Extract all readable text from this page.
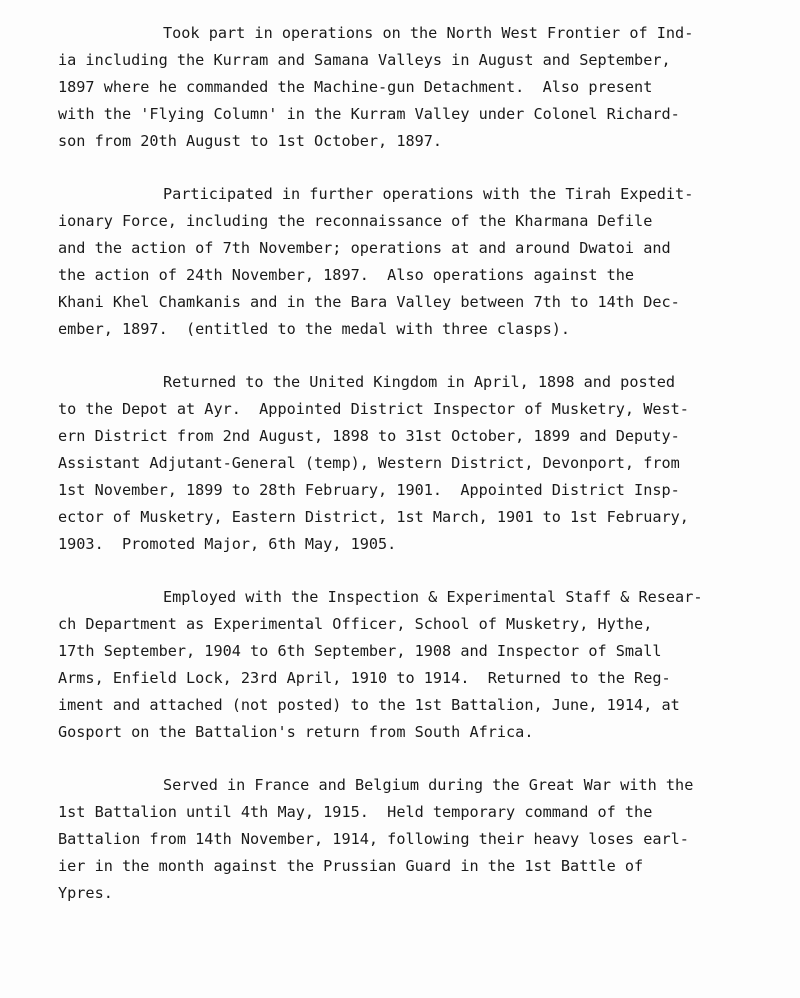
Took part in operations on the North West Frontier of Ind-
ia including the Kurram and Samana Valleys in August and September,
1897 where he commanded the Machine-gun Detachment.  Also present
with the 'Flying Column' in the Kurram Valley under Colonel Richard-
son from 20th August to 1st October, 1897.
Participated in further operations with the Tirah Expedit-
ionary Force, including the reconnaissance of the Kharmana Defile
and the action of 7th November; operations at and around Dwatoi and
the action of 24th November, 1897.  Also operations against the
Khani Khel Chamkanis and in the Bara Valley between 7th to 14th Dec-
ember, 1897.  (entitled to the medal with three clasps).
Returned to the United Kingdom in April, 1898 and posted
to the Depot at Ayr.  Appointed District Inspector of Musketry, West-
ern District from 2nd August, 1898 to 31st October, 1899 and Deputy-
Assistant Adjutant-General (temp), Western District, Devonport, from
1st November, 1899 to 28th February, 1901.  Appointed District Insp-
ector of Musketry, Eastern District, 1st March, 1901 to 1st February,
1903.  Promoted Major, 6th May, 1905.
Employed with the Inspection & Experimental Staff & Resear-
ch Department as Experimental Officer, School of Musketry, Hythe,
17th September, 1904 to 6th September, 1908 and Inspector of Small
Arms, Enfield Lock, 23rd April, 1910 to 1914.  Returned to the Reg-
iment and attached (not posted) to the 1st Battalion, June, 1914, at
Gosport on the Battalion's return from South Africa.
Served in France and Belgium during the Great War with the
1st Battalion until 4th May, 1915.  Held temporary command of the
Battalion from 14th November, 1914, following their heavy loses earl-
ier in the month against the Prussian Guard in the 1st Battle of
Ypres.
